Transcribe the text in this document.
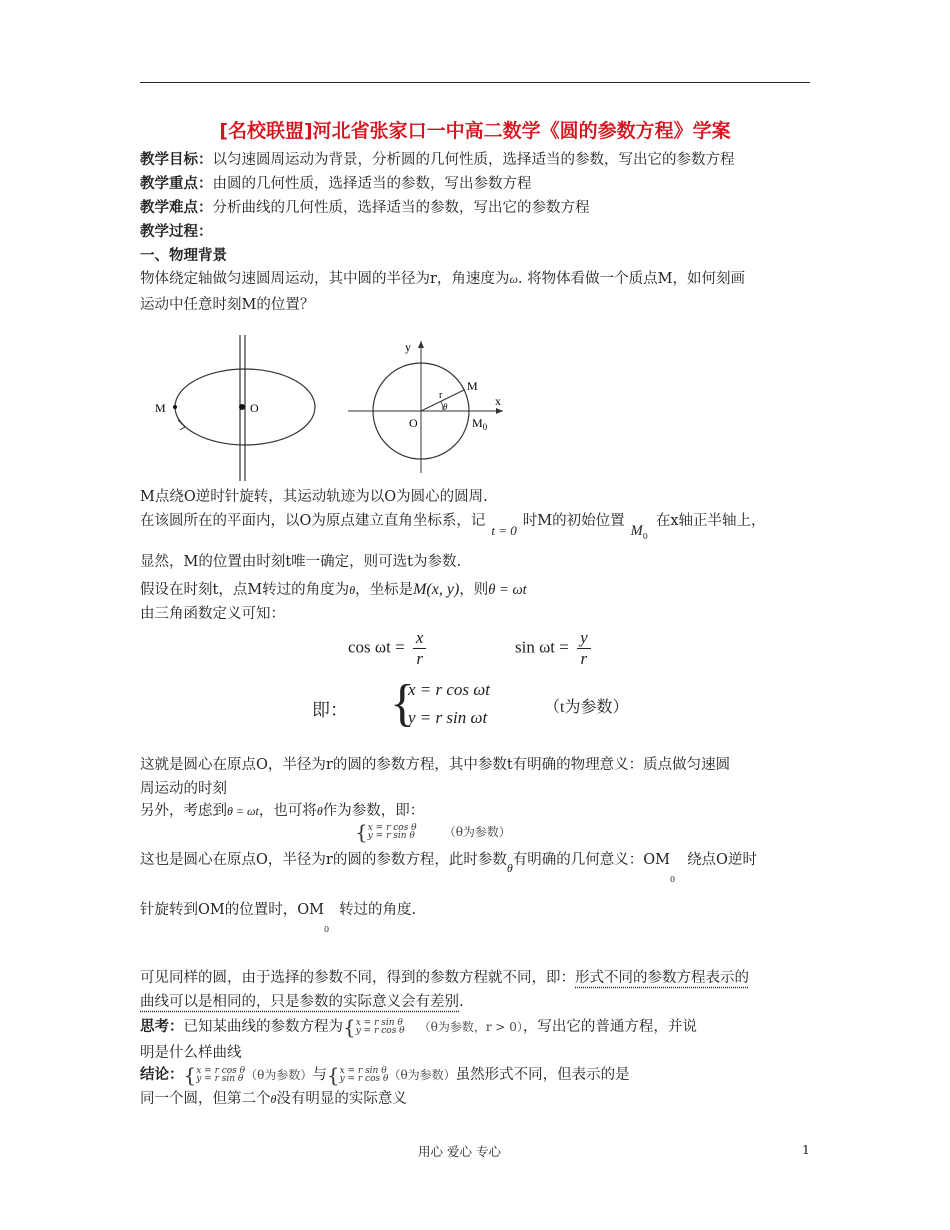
[名校联盟]河北省张家口一中高二数学《圆的参数方程》学案
教学目标：以匀速圆周运动为背景，分析圆的几何性质，选择适当的参数，写出它的参数方程
教学重点：由圆的几何性质，选择适当的参数，写出参数方程
教学难点：分析曲线的几何性质，选择适当的参数，写出它的参数方程
教学过程：
一、物理背景
物体绕定轴做匀速圆周运动，其中圆的半径为r，角速度为ω. 将物体看做一个质点M，如何刻画
运动中任意时刻M的位置？
M	O
y
x
M
r
θ
O	$M_0$
M点绕O逆时针旋转，其运动轨迹为以O为圆心的圆周.
在该圆所在的平面内，以O为原点建立直角坐标系，记t = 0时M的初始位置$M_0$在x轴正半轴上，
显然，M的位置由时刻t唯一确定，则可选t为参数.
假设在时刻t，点M转过的角度为θ，坐标是M(x, y)，则θ = ωt
由三角函数定义可知：
$\cos \omega t = \frac{x}{r}$	$\sin \omega t = \frac{y}{r}$
即： {
x = r cos ωt
y = r sin ωt
（t为参数）
这就是圆心在原点O，半径为r的圆的参数方程，其中参数t有明确的物理意义：质点做匀速圆
周运动的时刻
另外，考虑到θ = ωt，也可将θ作为参数，即：
{x = r cos θ
y = r sin θ （θ为参数）
这也是圆心在原点O，半径为r的圆的参数方程，此时参数$_\theta$有明确的几何意义：$OM_0$绕点O逆时
针旋转到OM的位置时，$OM_0$转过的角度.
可见同样的圆，由于选择的参数不同，得到的参数方程就不同，即：形式不同的参数方程表示的
曲线可以是相同的，只是参数的实际意义会有差别.
思考：已知某曲线的参数方程为{x = r sin θ
y = r cos θ （θ为参数，r > 0），写出它的普通方程，并说
明是什么样曲线
结论：{x = r cos θ
y = r sin θ （θ为参数）与{x = r sin θ
y = r cos θ（θ为参数）虽然形式不同，但表示的是
同一个圆，但第二个θ没有明显的实际意义
用心 爱心 专心	1
